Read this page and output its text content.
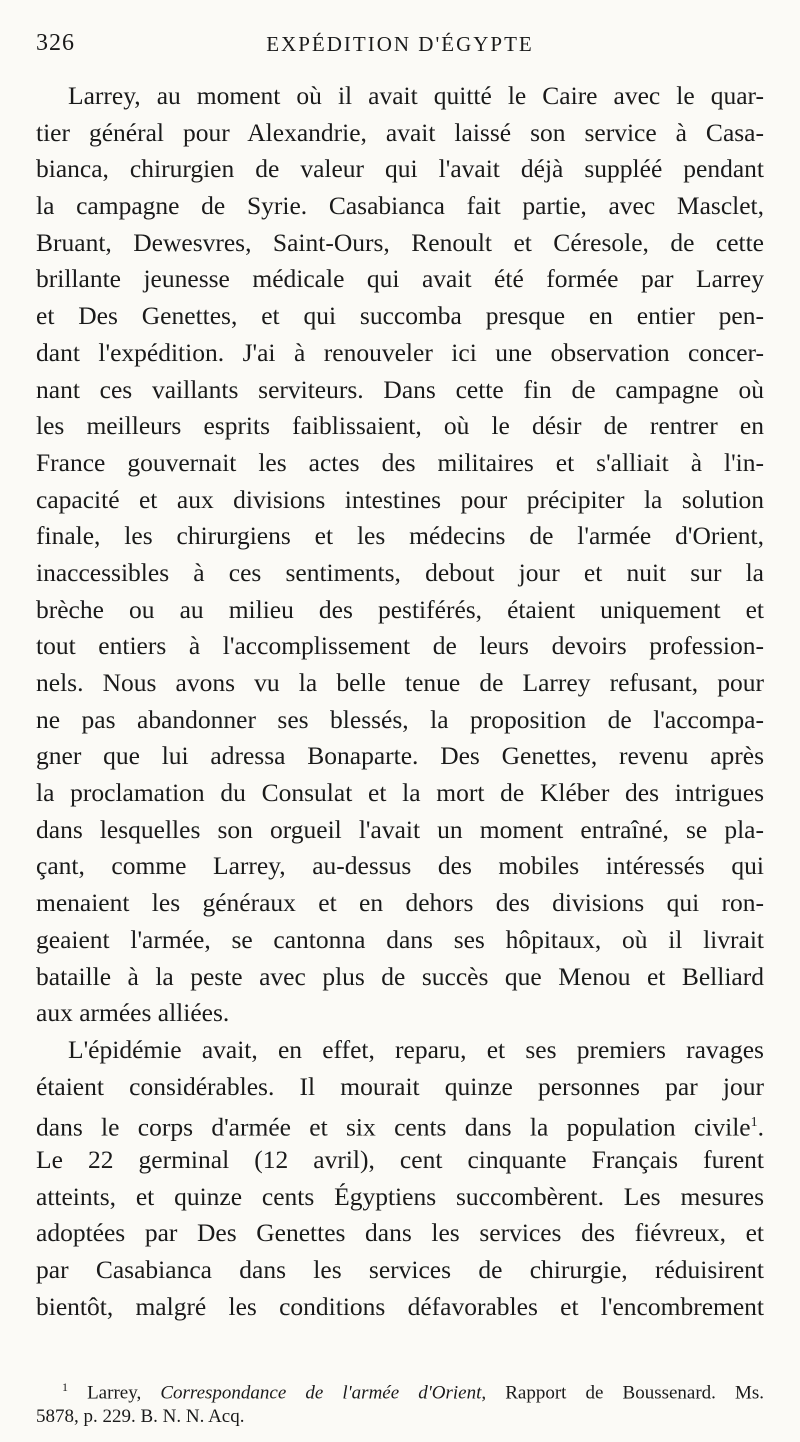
326	EXPÉDITION D'ÉGYPTE
Larrey, au moment où il avait quitté le Caire avec le quar-
tier général pour Alexandrie, avait laissé son service à Casa-
bianca, chirurgien de valeur qui l'avait déjà suppléé pendant
la campagne de Syrie. Casabianca fait partie, avec Masclet,
Bruant, Dewesvres, Saint-Ours, Renoult et Céresole, de cette
brillante jeunesse médicale qui avait été formée par Larrey
et Des Genettes, et qui succomba presque en entier pen-
dant l'expédition. J'ai à renouveler ici une observation concer-
nant ces vaillants serviteurs. Dans cette fin de campagne où
les meilleurs esprits faiblissaient, où le désir de rentrer en
France gouvernait les actes des militaires et s'alliait à l'in-
capacité et aux divisions intestines pour précipiter la solution
finale, les chirurgiens et les médecins de l'armée d'Orient,
inaccessibles à ces sentiments, debout jour et nuit sur la
brèche ou au milieu des pestiférés, étaient uniquement et
tout entiers à l'accomplissement de leurs devoirs profession-
nels. Nous avons vu la belle tenue de Larrey refusant, pour
ne pas abandonner ses blessés, la proposition de l'accompa-
gner que lui adressa Bonaparte. Des Genettes, revenu après
la proclamation du Consulat et la mort de Kléber des intrigues
dans lesquelles son orgueil l'avait un moment entraîné, se pla-
çant, comme Larrey, au-dessus des mobiles intéressés qui
menaient les généraux et en dehors des divisions qui ron-
geaient l'armée, se cantonna dans ses hôpitaux, où il livrait
bataille à la peste avec plus de succès que Menou et Belliard
aux armées alliées.
L'épidémie avait, en effet, reparu, et ses premiers ravages
étaient considérables. Il mourait quinze personnes par jour
dans le corps d'armée et six cents dans la population civile$^1$.
Le 22 germinal (12 avril), cent cinquante Français furent
atteints, et quinze cents Égyptiens succombèrent. Les mesures
adoptées par Des Genettes dans les services des fiévreux, et
par Casabianca dans les services de chirurgie, réduisirent
bientôt, malgré les conditions défavorables et l'encombrement
$^1$ Larrey, Correspondance de l'armée d'Orient, Rapport de Boussenard. Ms.
5878, p. 229. B. N. N. Acq.
